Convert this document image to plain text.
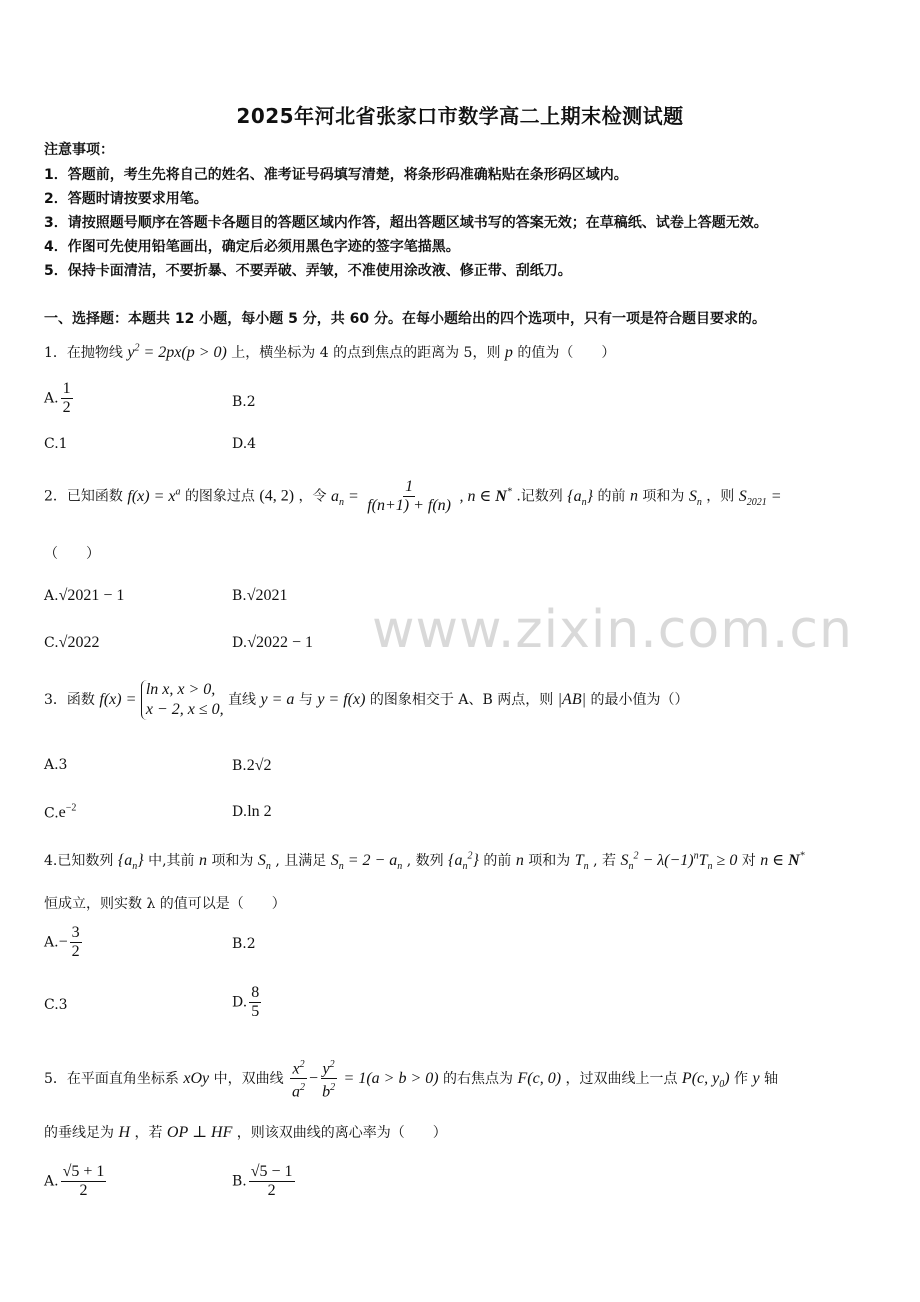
2025年河北省张家口市数学高二上期末检测试题
注意事项：
1．答题前，考生先将自己的姓名、准考证号码填写清楚，将条形码准确粘贴在条形码区域内。
2．答题时请按要求用笔。
3．请按照题号顺序在答题卡各题目的答题区域内作答，超出答题区域书写的答案无效；在草稿纸、试卷上答题无效。
4．作图可先使用铅笔画出，确定后必须用黑色字迹的签字笔描黑。
5．保持卡面清洁，不要折暴、不要弄破、弄皱，不准使用涂改液、修正带、刮纸刀。
一、选择题：本题共 12 小题，每小题 5 分，共 60 分。在每小题给出的四个选项中，只有一项是符合题目要求的。
www.zixin.com.cn
1．在抛物线 $y^2 = 2px(p > 0)$ 上，横坐标为 4 的点到焦点的距离为 5，则 p 的值为（　　）
A. $\frac{1}{2}$	B.2
C.1	D.4
2．已知函数 $f(x) = x^a$ 的图象过点 (4, 2) ，令 $a_n = \frac{1}{f(n+1) + f(n)}$ , n ∈ N* .记数列 $\{a_n\}$ 的前 n 项和为 $S_n$ ，则 $S_{2021}$ =
（　　）
A.√2021 − 1	B.√2021
C.√2022	D.√2022 − 1
3．函数 f(x) = ln x, x > 0,
x − 2, x ≤ 0, 直线 y = a 与 y = f(x) 的图象相交于 A、B 两点，则 |AB| 的最小值为（）
A.3	B.2√2
$C.e^{-2}$	D.ln 2
4.已知数列 $\{a_n\}$ 中,其前 n 项和为 $S_n$ , 且满足 $S_n = 2 - a_n$ , 数列 $\{a_n^2\}$ 的前 n 项和为 $T_n$ , 若 $S_n^2 - \lambda(-1)^nT_n \ge 0$ 对 n ∈ N*
恒成立，则实数 λ 的值可以是（　　）
$A.- \frac{3}{2}$	B.2
C.3	D. $\frac{8}{5}$
5．在平面直角坐标系 xOy 中，双曲线 $\frac{x^2}{a^2} - \frac{y^2}{b^2} = 1(a > b > 0)$ 的右焦点为 F(c, 0) ，过双曲线上一点 P(c, $y_0$) 作 y 轴
的垂线足为 H ，若 OP ⊥ HF ，则该双曲线的离心率为（　　）
A. $\frac{√5 + 1}{2}$	B. $\frac{√5 - 1}{2}$
